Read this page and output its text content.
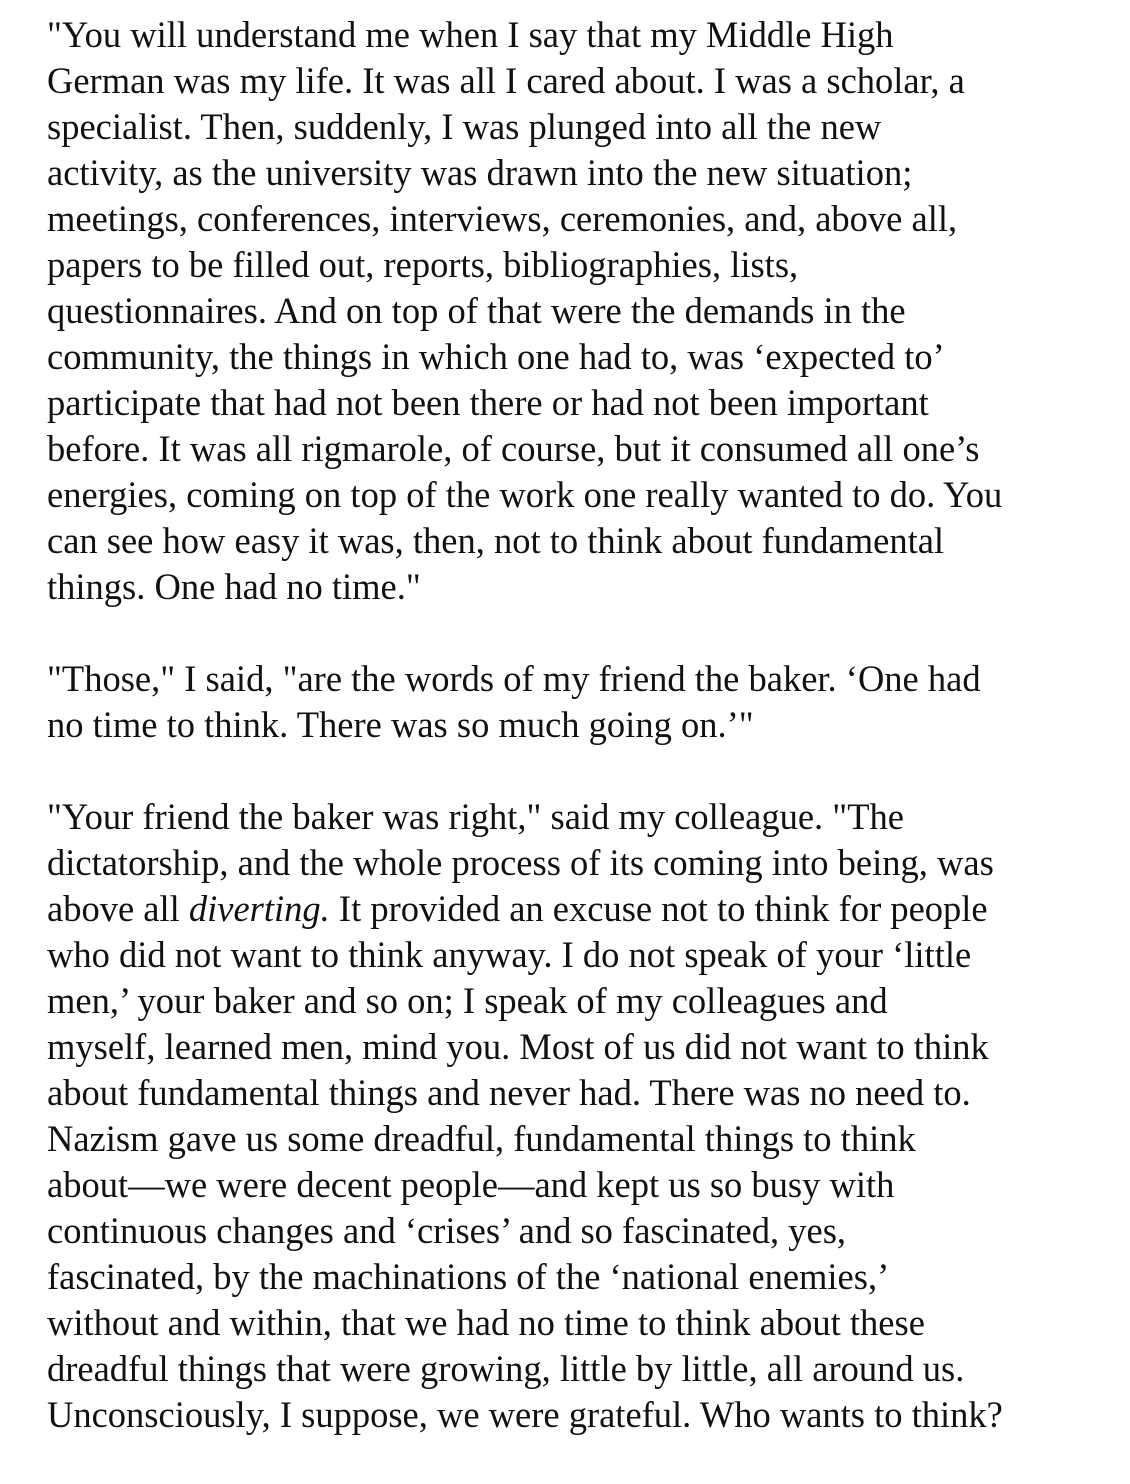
"You will understand me when I say that my Middle High
German was my life. It was all I cared about. I was a scholar, a
specialist. Then, suddenly, I was plunged into all the new
activity, as the university was drawn into the new situation;
meetings, conferences, interviews, ceremonies, and, above all,
papers to be filled out, reports, bibliographies, lists,
questionnaires. And on top of that were the demands in the
community, the things in which one had to, was ‘expected to’
participate that had not been there or had not been important
before. It was all rigmarole, of course, but it consumed all one’s
energies, coming on top of the work one really wanted to do. You
can see how easy it was, then, not to think about fundamental
things. One had no time."

"Those," I said, "are the words of my friend the baker. ‘One had
no time to think. There was so much going on.’"

"Your friend the baker was right," said my colleague. "The
dictatorship, and the whole process of its coming into being, was
above all diverting. It provided an excuse not to think for people
who did not want to think anyway. I do not speak of your ‘little
men,’ your baker and so on; I speak of my colleagues and
myself, learned men, mind you. Most of us did not want to think
about fundamental things and never had. There was no need to.
Nazism gave us some dreadful, fundamental things to think
about—we were decent people—and kept us so busy with
continuous changes and ‘crises’ and so fascinated, yes,
fascinated, by the machinations of the ‘national enemies,’
without and within, that we had no time to think about these
dreadful things that were growing, little by little, all around us.
Unconsciously, I suppose, we were grateful. Who wants to think?
